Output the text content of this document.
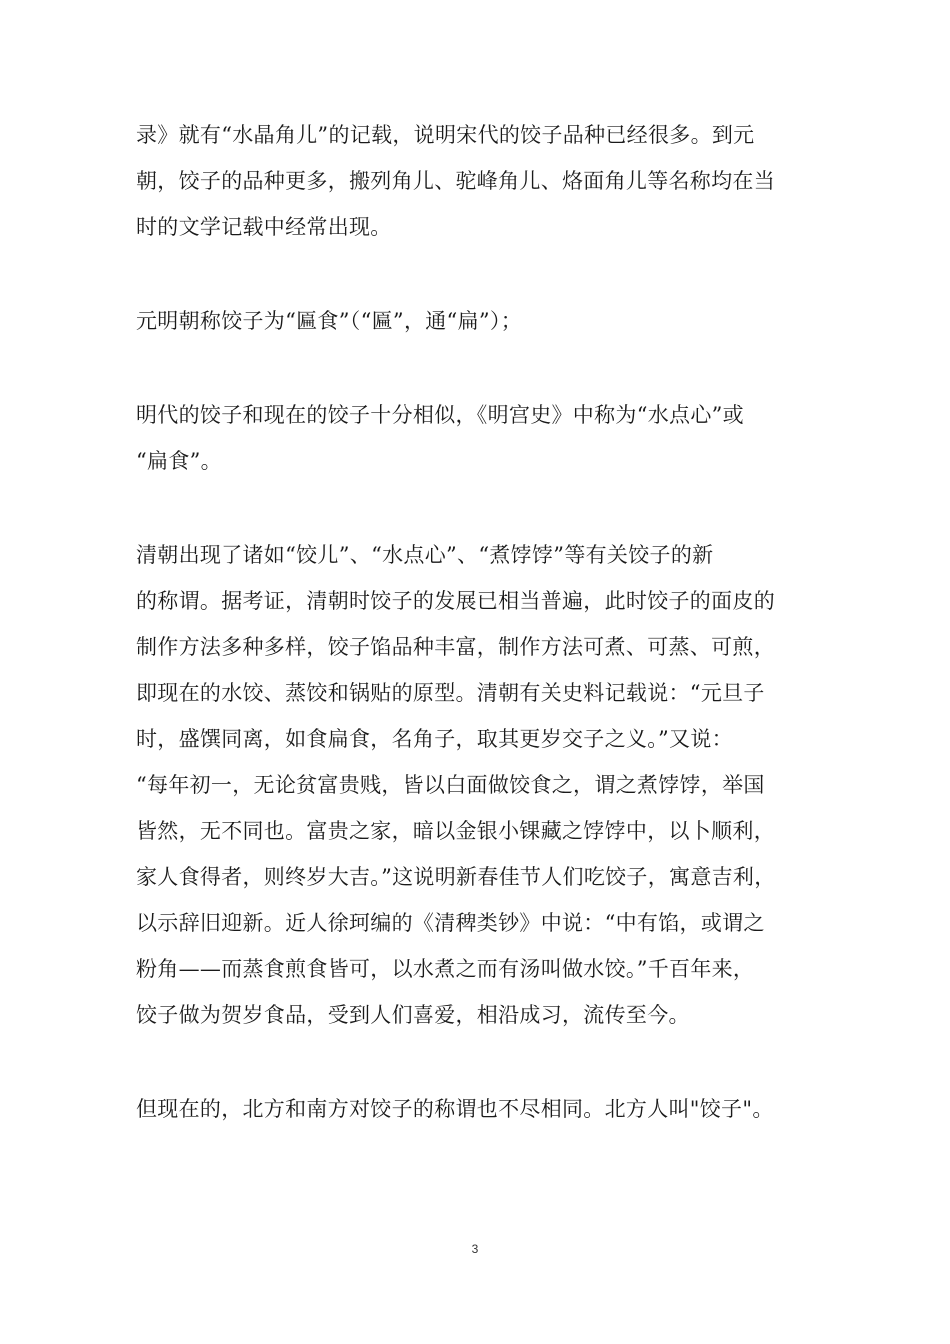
录》就有“水晶角儿”的记载，说明宋代的饺子品种已经很多。到元
朝，饺子的品种更多，搬列角儿、驼峰角儿、烙面角儿等名称均在当
时的文学记载中经常出现。

元明朝称饺子为“匾食”（“匾”，通“扁”）；

明代的饺子和现在的饺子十分相似，《明宫史》中称为“水点心”或
“扁食”。

清朝出现了诸如“饺儿”、“水点心”、“煮饽饽”等有关饺子的新
的称谓。据考证，清朝时饺子的发展已相当普遍，此时饺子的面皮的
制作方法多种多样，饺子馅品种丰富，制作方法可煮、可蒸、可煎，
即现在的水饺、蒸饺和锅贴的原型。清朝有关史料记载说：“元旦子
时，盛馔同离，如食扁食，名角子，取其更岁交子之义。”又说：
“每年初一，无论贫富贵贱，皆以白面做饺食之，谓之煮饽饽，举国
皆然，无不同也。富贵之家，暗以金银小锞藏之饽饽中，以卜顺利，
家人食得者，则终岁大吉。”这说明新春佳节人们吃饺子，寓意吉利，
以示辞旧迎新。近人徐珂编的《清稗类钞》中说：“中有馅，或谓之
粉角——而蒸食煎食皆可，以水煮之而有汤叫做水饺。”千百年来，
饺子做为贺岁食品，受到人们喜爱，相沿成习，流传至今。

但现在的，北方和南方对饺子的称谓也不尽相同。北方人叫"饺子"。

3
